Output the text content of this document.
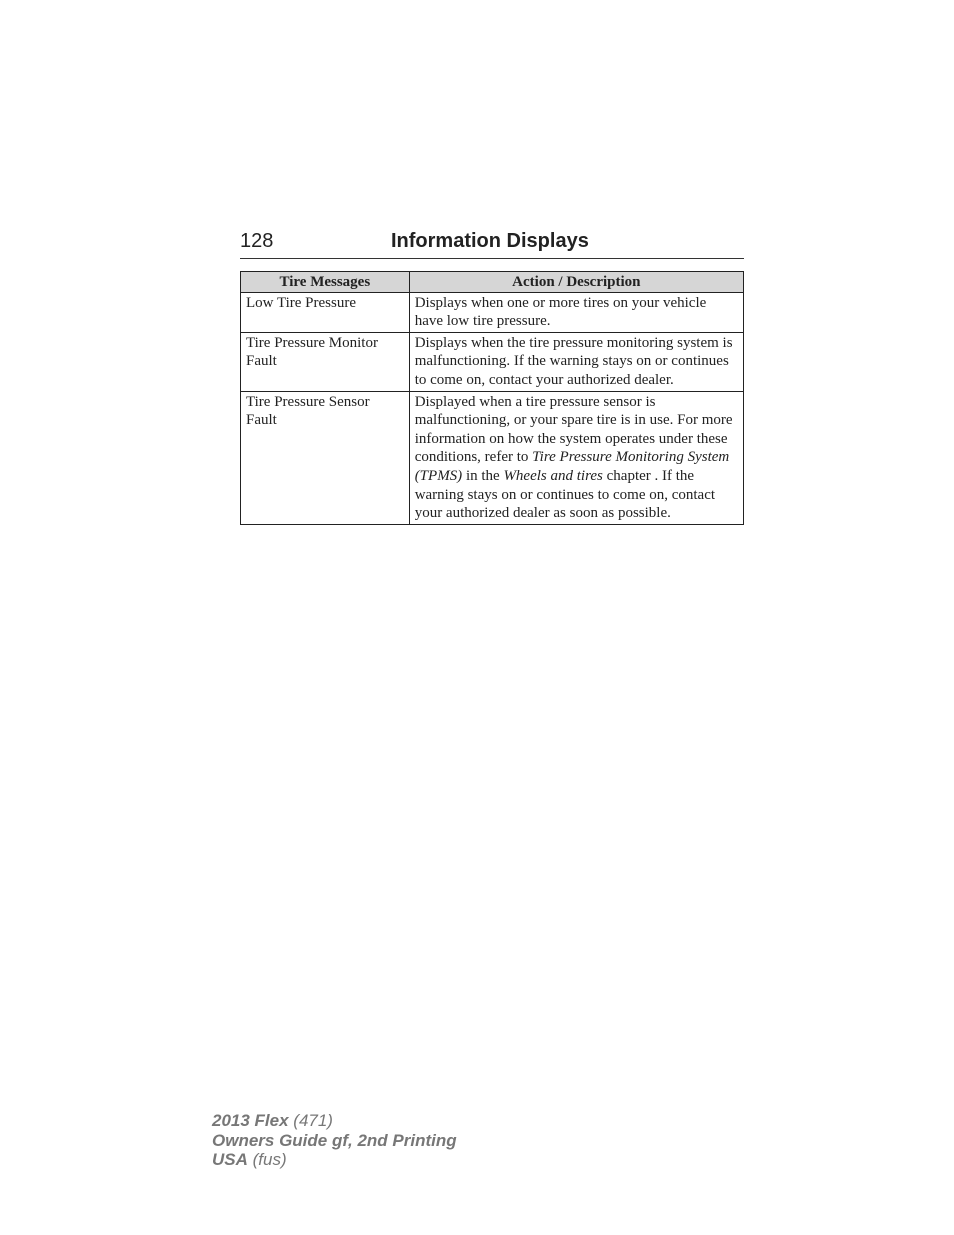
128	Information Displays
Tire Messages	Action / Description
Low Tire Pressure	Displays when one or more tires on your vehicle have low tire pressure.
Tire Pressure Monitor Fault	Displays when the tire pressure monitoring system is malfunctioning. If the warning stays on or continues to come on, contact your authorized dealer.
Tire Pressure Sensor Fault	Displayed when a tire pressure sensor is malfunctioning, or your spare tire is in use. For more information on how the system operates under these conditions, refer to Tire Pressure Monitoring System (TPMS) in the Wheels and tires chapter . If the warning stays on or continues to come on, contact your authorized dealer as soon as possible.
2013 Flex (471)
Owners Guide gf, 2nd Printing
USA (fus)
